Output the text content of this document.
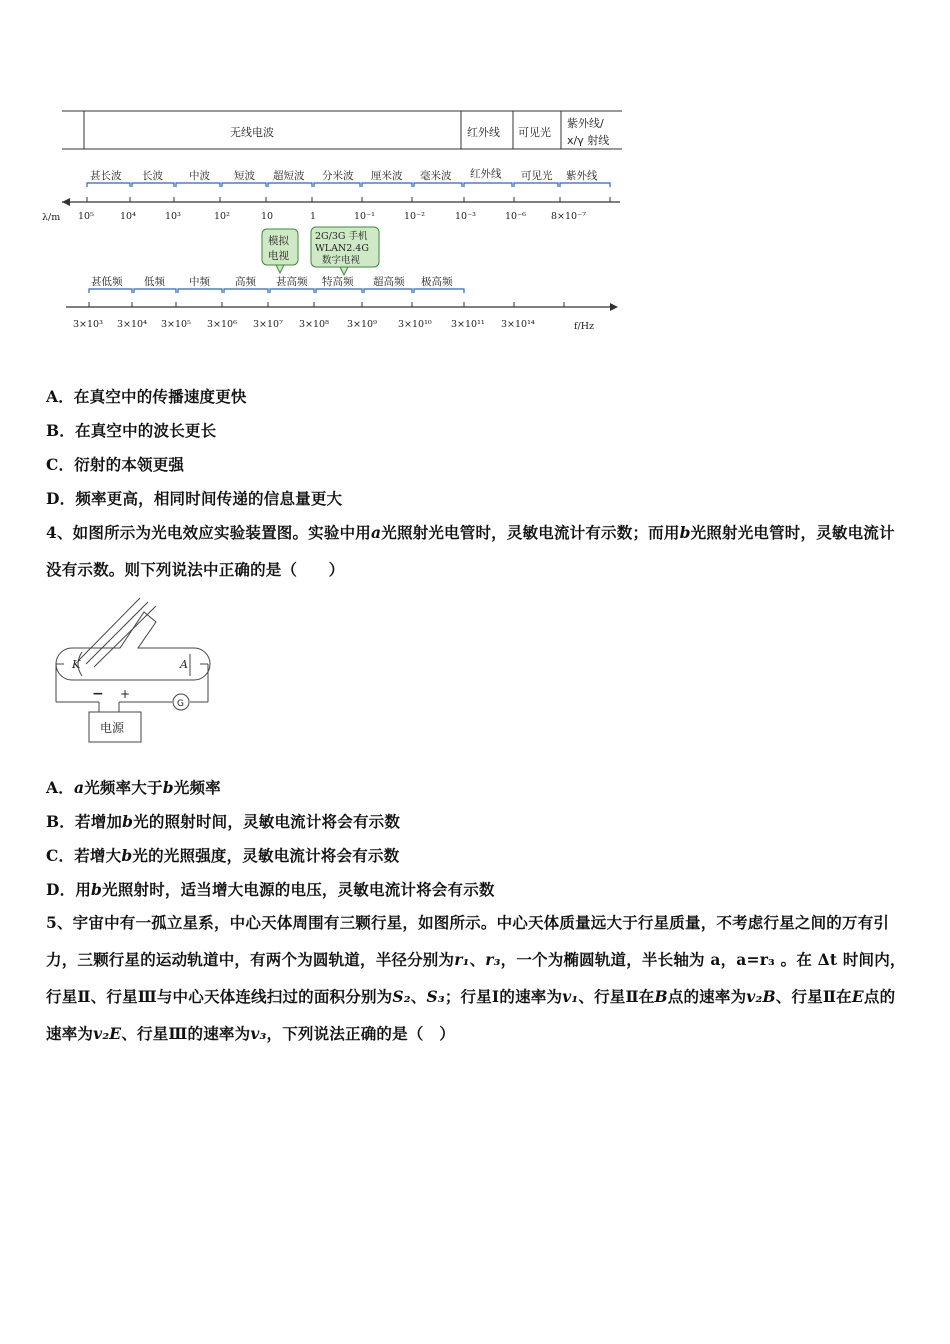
无线电波	红外线 可见光
紫外线/
x/γ 射线
甚长波 长波 中波 短波 超短波 分米波 厘米波 毫米波 红外线 可见光 紫外线
λ/m 10⁵	10⁴	10³	10²	10	1	10⁻¹	10⁻²	10⁻³	10⁻⁶	8×10⁻⁷
模拟
电视
2G/3G 手机
WLAN2.4G
数字电视
甚低频 低频 中频 高频 甚高频 特高频 超高频 极高频
3×10³ 3×10⁴ 3×10⁵ 3×10⁶ 3×10⁷ 3×10⁸ 3×10⁹ 3×10¹⁰ 3×10¹¹ 3×10¹⁴	f/Hz
A．在真空中的传播速度更快
B．在真空中的波长更长
C．衍射的本领更强
D．频率更高，相同时间传递的信息量更大
4、如图所示为光电效应实验装置图。实验中用a光照射光电管时，灵敏电流计有示数；而用b光照射光电管时，灵敏电流计没有示数。则下列说法中正确的是（　　）
K	A
− +
G
电源
A．a光频率大于b光频率
B．若增加b光的照射时间，灵敏电流计将会有示数
C．若增大b光的光照强度，灵敏电流计将会有示数
D．用b光照射时，适当增大电源的电压，灵敏电流计将会有示数
5、宇宙中有一孤立星系，中心天体周围有三颗行星，如图所示。中心天体质量远大于行星质量，不考虑行星之间的万有引力，三颗行星的运动轨道中，有两个为圆轨道，半径分别为r₁、r₃，一个为椭圆轨道，半长轴为 a，a=r₃ 。在 Δt 时间内，行星Ⅱ、行星Ⅲ与中心天体连线扫过的面积分别为S₂、S₃；行星Ⅰ的速率为v₁、行星Ⅱ在B点的速率为v₂B、行星Ⅱ在E点的速率为v₂E、行星Ⅲ的速率为v₃，下列说法正确的是（　）
